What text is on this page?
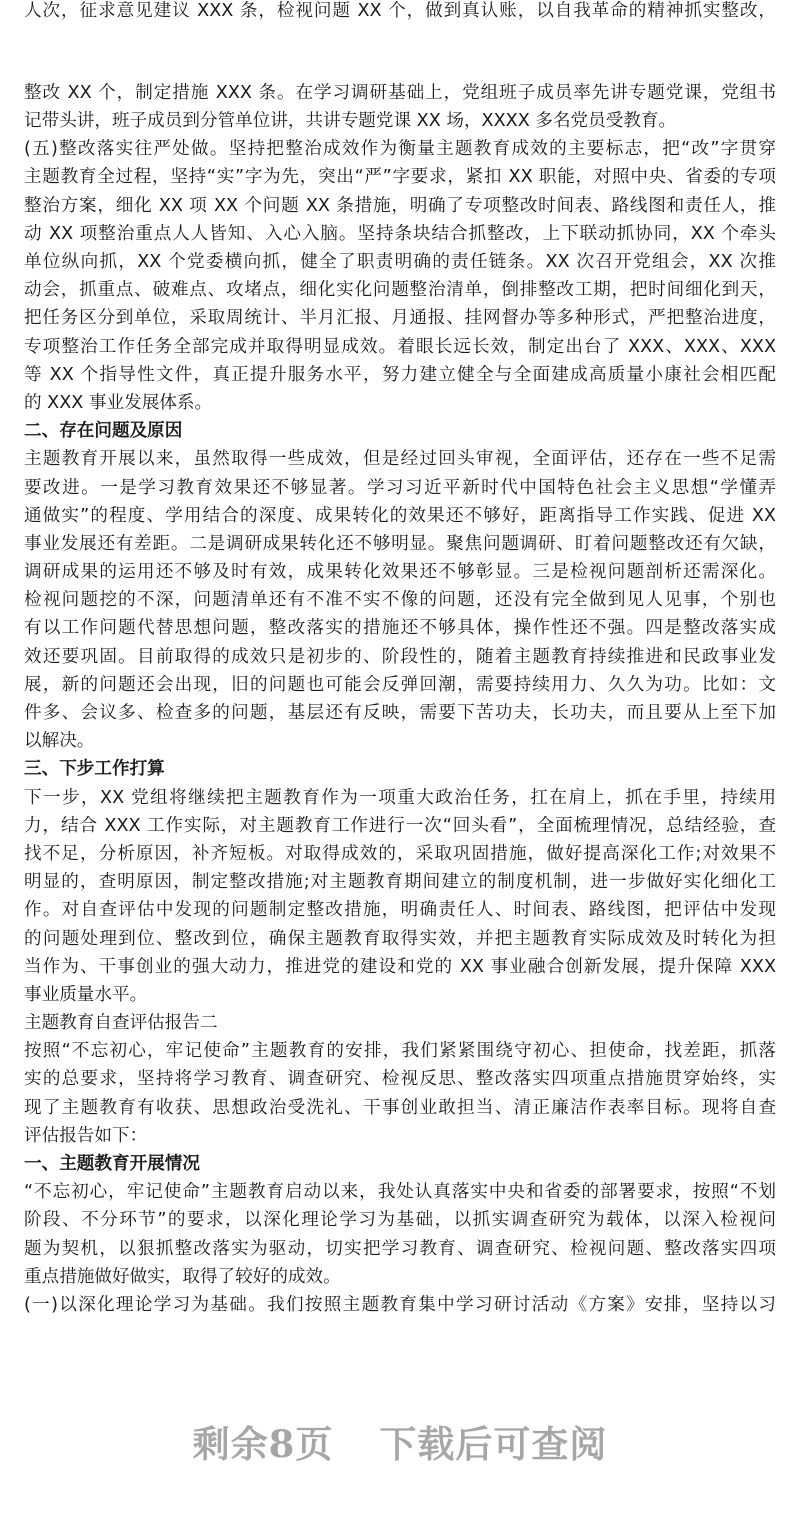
人次，征求意见建议 XXX 条，检视问题 XX 个，做到真认账，以自我革命的精神抓实整改，
整改 XX 个，制定措施 XXX 条。在学习调研基础上，党组班子成员率先讲专题党课，党组书
记带头讲，班子成员到分管单位讲，共讲专题党课 XX 场，XXXX 多名党员受教育。
(五)整改落实往严处做。坚持把整治成效作为衡量主题教育成效的主要标志，把“改”字贯穿
主题教育全过程，坚持“实”字为先，突出“严”字要求，紧扣 XX 职能，对照中央、省委的专项
整治方案，细化 XX 项 XX 个问题 XX 条措施，明确了专项整改时间表、路线图和责任人，推
动 XX 项整治重点人人皆知、入心入脑。坚持条块结合抓整改，上下联动抓协同，XX 个牵头
单位纵向抓，XX 个党委横向抓，健全了职责明确的责任链条。XX 次召开党组会，XX 次推
动会，抓重点、破难点、攻堵点，细化实化问题整治清单，倒排整改工期，把时间细化到天，
把任务区分到单位，采取周统计、半月汇报、月通报、挂网督办等多种形式，严把整治进度，
专项整治工作任务全部完成并取得明显成效。着眼长远长效，制定出台了 XXX、XXX、XXX
等 XX 个指导性文件，真正提升服务水平，努力建立健全与全面建成高质量小康社会相匹配
的 XXX 事业发展体系。
二、存在问题及原因
主题教育开展以来，虽然取得一些成效，但是经过回头审视，全面评估，还存在一些不足需
要改进。一是学习教育效果还不够显著。学习习近平新时代中国特色社会主义思想“学懂弄
通做实”的程度、学用结合的深度、成果转化的效果还不够好，距离指导工作实践、促进 XX
事业发展还有差距。二是调研成果转化还不够明显。聚焦问题调研、盯着问题整改还有欠缺，
调研成果的运用还不够及时有效，成果转化效果还不够彰显。三是检视问题剖析还需深化。
检视问题挖的不深，问题清单还有不准不实不像的问题，还没有完全做到见人见事，个别也
有以工作问题代替思想问题，整改落实的措施还不够具体，操作性还不强。四是整改落实成
效还要巩固。目前取得的成效只是初步的、阶段性的，随着主题教育持续推进和民政事业发
展，新的问题还会出现，旧的问题也可能会反弹回潮，需要持续用力、久久为功。比如：文
件多、会议多、检查多的问题，基层还有反映，需要下苦功夫，长功夫，而且要从上至下加
以解决。
三、下步工作打算
下一步，XX 党组将继续把主题教育作为一项重大政治任务，扛在肩上，抓在手里，持续用
力，结合 XXX 工作实际，对主题教育工作进行一次“回头看”，全面梳理情况，总结经验，查
找不足，分析原因，补齐短板。对取得成效的，采取巩固措施，做好提高深化工作;对效果不
明显的，查明原因，制定整改措施;对主题教育期间建立的制度机制，进一步做好实化细化工
作。对自查评估中发现的问题制定整改措施，明确责任人、时间表、路线图，把评估中发现
的问题处理到位、整改到位，确保主题教育取得实效，并把主题教育实际成效及时转化为担
当作为、干事创业的强大动力，推进党的建设和党的 XX 事业融合创新发展，提升保障 XXX
事业质量水平。
主题教育自查评估报告二
按照“不忘初心，牢记使命”主题教育的安排，我们紧紧围绕守初心、担使命，找差距，抓落
实的总要求，坚持将学习教育、调查研究、检视反思、整改落实四项重点措施贯穿始终，实
现了主题教育有收获、思想政治受洗礼、干事创业敢担当、清正廉洁作表率目标。现将自查
评估报告如下：
一、主题教育开展情况
“不忘初心，牢记使命”主题教育启动以来，我处认真落实中央和省委的部署要求，按照“不划
阶段、不分环节”的要求，以深化理论学习为基础，以抓实调查研究为载体，以深入检视问
题为契机，以狠抓整改落实为驱动，切实把学习教育、调查研究、检视问题、整改落实四项
重点措施做好做实，取得了较好的成效。
(一)以深化理论学习为基础。我们按照主题教育集中学习研讨活动《方案》安排，坚持以习
剩余8页 下载后可查阅
